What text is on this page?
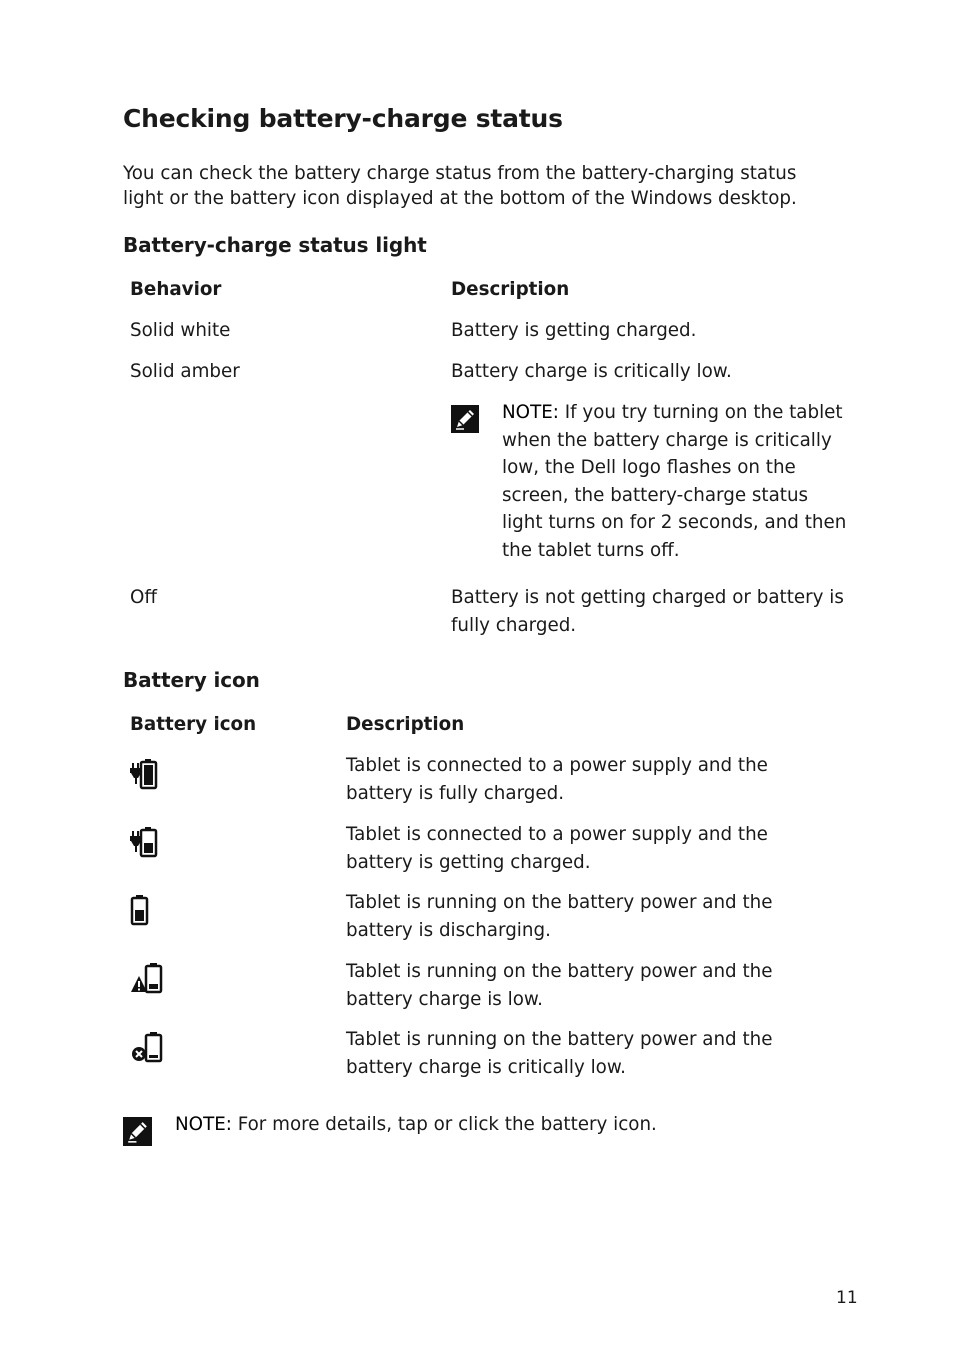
Checking battery-charge status
You can check the battery charge status from the battery-charging status
light or the battery icon displayed at the bottom of the Windows desktop.
Battery-charge status light
Behavior	Description
Solid white	Battery is getting charged.
Solid amber	Battery charge is critically low.
NOTE: If you try turning on the tablet
when the battery charge is critically
low, the Dell logo flashes on the
screen, the battery-charge status
light turns on for 2 seconds, and then
the tablet turns off.
Off	Battery is not getting charged or battery is
fully charged.
Battery icon
Battery icon	Description
Tablet is connected to a power supply and the
battery is fully charged.
Tablet is connected to a power supply and the
battery is getting charged.
Tablet is running on the battery power and the
battery is discharging.
Tablet is running on the battery power and the
battery charge is low.
Tablet is running on the battery power and the
battery charge is critically low.
NOTE: For more details, tap or click the battery icon.
11
